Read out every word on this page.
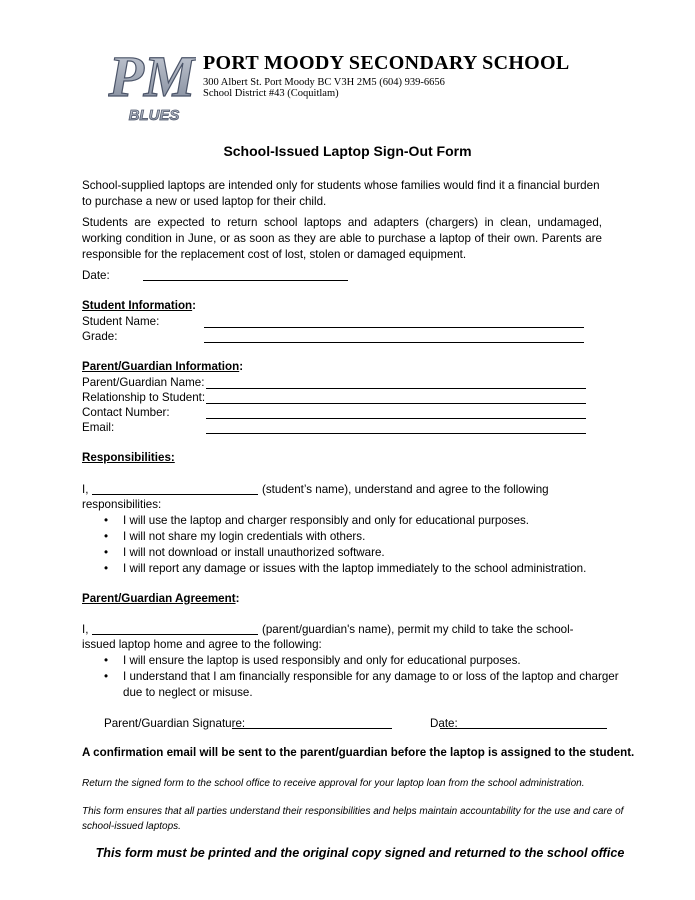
PM
BLUES
PORT MOODY SECONDARY SCHOOL
300 Albert St. Port Moody BC V3H 2M5 (604) 939-6656
School District #43 (Coquitlam)
School-Issued Laptop Sign-Out Form
School-supplied laptops are intended only for students whose families would find it a financial burden to purchase a new or used laptop for their child.
Students are expected to return school laptops and adapters (chargers) in clean, undamaged, working condition in June, or as soon as they are able to purchase a laptop of their own. Parents are responsible for the replacement cost of lost, stolen or damaged equipment.
Date:
Student Information:
Student Name:
Grade:
Parent/Guardian Information:
Parent/Guardian Name:
Relationship to Student:
Contact Number:
Email:
Responsibilities:
I,	(student’s name), understand and agree to the following
responsibilities:
• I will use the laptop and charger responsibly and only for educational purposes.
• I will not share my login credentials with others.
• I will not download or install unauthorized software.
• I will report any damage or issues with the laptop immediately to the school administration.
Parent/Guardian Agreement:
I,	(parent/guardian's name), permit my child to take the school-
issued laptop home and agree to the following:
• I will ensure the laptop is used responsibly and only for educational purposes.
• I understand that I am financially responsible for any damage to or loss of the laptop and charger due to neglect or misuse.
Parent/Guardian Signature:	Date:
A confirmation email will be sent to the parent/guardian before the laptop is assigned to the student.
Return the signed form to the school office to receive approval for your laptop loan from the school administration.
This form ensures that all parties understand their responsibilities and helps maintain accountability for the use and care of school-issued laptops.
This form must be printed and the original copy signed and returned to the school office
